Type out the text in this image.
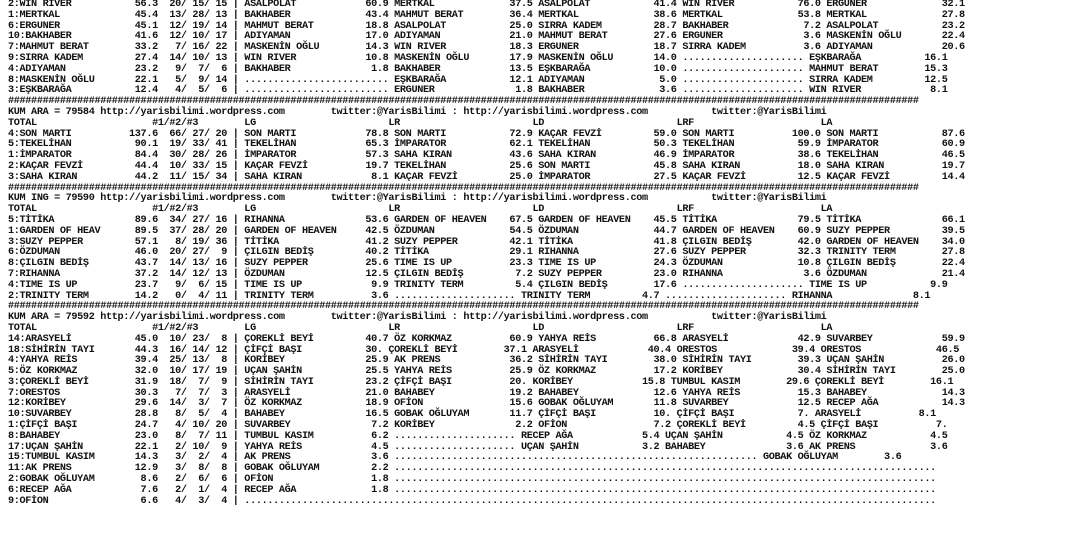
2:WIN RIVER           56.3  20/ 15/ 15 | ASALPOLAT            60.9 MERTKAL             37.5 ASALPOLAT           41.4 WIN RIVER           76.0 ERGUNER             32.1
1:MERTKAL             45.4  13/ 28/ 13 | BAKHABER             43.4 MAHMUT BERAT        36.4 MERTKAL             38.6 MERTKAL             53.8 MERTKAL             27.8
6:ERGUNER             45.1  12/ 19/ 14 | MAHMUT BERAT         18.8 ASALPOLAT           25.0 SIRRA KADEM         28.7 BAKHABER             7.2 ASALPOLAT           23.2
10:BAKHABER           41.6  12/ 10/ 17 | ADIYAMAN             17.0 ADIYAMAN            21.0 MAHMUT BERAT        27.6 ERGUNER              3.6 MASKENİN OĞLU       22.4
7:MAHMUT BERAT        33.2   7/ 16/ 22 | MASKENİN OĞLU        14.3 WIN RIVER           18.3 ERGUNER             18.7 SIRRA KADEM          3.6 ADIYAMAN            20.6
9:SIRRA KADEM         27.4  14/ 10/ 13 | WIN RIVER            10.8 MASKENİN OĞLU       17.9 MASKENİN OĞLU       14.0 ..................... EŞKBARAĞA           16.1
4:ADIYAMAN            23.2   9/  7/  6 | BAKHABER              1.8 BAKHABER            13.5 EŞKBARAĞA           10.0 ..................... MAHMUT BERAT        15.3
8:MASKENİN OĞLU       22.1   5/  9/ 14 | ......................... EŞKBARAĞA           12.1 ADIYAMAN             5.0 ..................... SIRRA KADEM         12.5
3:EŞKBARAĞA           12.4   4/  5/  6 | ......................... ERGUNER              1.8 BAKHABER             3.6 ..................... WIN RIVER            8.1
##############################################################################################################################################################
KUM ARA = 79584 http://yarisbilimi.wordpress.com        twitter:@YarisBilimi : http://yarisbilimi.wordpress.com           twitter:@YarisBilimi
TOTAL                    #1/#2/#3        LG                       LR                       LD                       LRF                      LA
4:SON MARTI          137.6  66/ 27/ 20 | SON MARTI            78.8 SON MARTI           72.9 KAÇAR FEVZİ         59.0 SON MARTI          100.0 SON MARTI           87.6
5:TEKELİHAN           90.1  19/ 33/ 41 | TEKELİHAN            65.3 İMPARATOR           62.1 TEKELİHAN           50.3 TEKELİHAN           59.9 İMPARATOR           60.9
1:İMPARATOR           84.4  30/ 28/ 26 | İMPARATOR            57.3 SAHA KIRAN          43.6 SAHA KIRAN          46.9 İMPARATOR           38.6 TEKELİHAN           46.5
2:KAÇAR FEVZİ         44.4  10/ 33/ 15 | KAÇAR FEVZİ          19.7 TEKELİHAN           25.6 SON MARTI           45.8 SAHA KIRAN          18.0 SAHA KIRAN          19.7
3:SAHA KIRAN          44.2  11/ 15/ 34 | SAHA KIRAN            8.1 KAÇAR FEVZİ         25.0 İMPARATOR           27.5 KAÇAR FEVZİ         12.5 KAÇAR FEVZİ         14.4
##############################################################################################################################################################
KUM ING = 79590 http://yarisbilimi.wordpress.com        twitter:@YarisBilimi : http://yarisbilimi.wordpress.com           twitter:@YarisBilimi
TOTAL                    #1/#2/#3        LG                       LR                       LD                       LRF                      LA
5:TİTİKA              89.6  34/ 27/ 16 | RIHANNA              53.6 GARDEN OF HEAVEN    67.5 GARDEN OF HEAVEN    45.5 TİTİKA              79.5 TİTİKA              66.1
1:GARDEN OF HEAV      89.5  37/ 28/ 20 | GARDEN OF HEAVEN     42.5 ÖZDUMAN             54.5 ÖZDUMAN             44.7 GARDEN OF HEAVEN    60.9 SUZY PEPPER         39.5
3:SUZY PEPPER         57.1   8/ 19/ 36 | TİTİKA               41.2 SUZY PEPPER         42.1 TİTİKA              41.8 ÇILGIN BEDİŞ        42.0 GARDEN OF HEAVEN    34.0
6:ÖZDUMAN             46.0  20/ 27/  9 | ÇILGIN BEDİŞ         40.2 TİTİKA              29.1 RIHANNA             27.6 SUZY PEPPER         32.3 TRINITY TERM        27.8
8:ÇILGIN BEDİŞ        43.7  14/ 13/ 16 | SUZY PEPPER          25.6 TIME IS UP          23.3 TIME IS UP          24.3 ÖZDUMAN             10.8 ÇILGIN BEDİŞ        22.4
7:RIHANNA             37.2  14/ 12/ 13 | ÖZDUMAN              12.5 ÇILGIN BEDİŞ         7.2 SUZY PEPPER         23.0 RIHANNA              3.6 ÖZDUMAN             21.4
4:TIME IS UP          23.7   9/  6/ 15 | TIME IS UP            9.9 TRINITY TERM         5.4 ÇILGIN BEDİŞ        17.6 ..................... TIME IS UP           9.9
2:TRINITY TERM        14.2   0/  4/ 11 | TRINITY TERM          3.6 ..................... TRINITY TERM         4.7 ..................... RIHANNA              8.1
##############################################################################################################################################################
KUM ARA = 79592 http://yarisbilimi.wordpress.com        twitter:@YarisBilimi : http://yarisbilimi.wordpress.com           twitter:@YarisBilimi
TOTAL                    #1/#2/#3        LG                       LR                       LD                       LRF                      LA
14:ARASYELİ           45.0  10/ 23/  8 | ÇOREKLİ BEYİ         40.7 ÖZ KORKMAZ          60.9 YAHYA REİS          66.8 ARASYELİ            42.9 SUVARBEY            59.9
18:SİHİRİN TAYI       44.3  16/ 14/ 12 | ÇİFÇİ BAŞI           30. ÇOREKLİ BEYİ        37.1 ARASYELİ            40.4 ORESTOS             39.4 ORESTOS             46.5
4:YAHYA REİS          39.4  25/ 13/  8 | KORİBEY              25.9 AK PRENS            36.2 SİHİRİN TAYI        38.0 SİHİRİN TAYI        39.3 UÇAN ŞAHİN          26.0
5:ÖZ KORKMAZ          32.0  10/ 17/ 19 | UÇAN ŞAHİN           25.5 YAHYA REİS          25.9 ÖZ KORKMAZ          17.2 KORİBEY             30.4 SİHİRİN TAYI        25.0
3:ÇOREKLİ BEYİ        31.9  18/  7/  9 | SİHİRİN TAYI         23.2 ÇİFÇİ BAŞI          20. KORİBEY            15.8 TUMBUL KASIM        29.6 ÇOREKLİ BEYİ        16.1
7:ORESTOS             30.3   7/  7/  3 | ARASYELİ             21.0 BAHABEY             19.2 BAHABEY             12.6 YAHYA REİS          15.3 BAHABEY             14.3
12:KORİBEY            29.6  14/  3/  7 | ÖZ KORKMAZ           18.9 OFİON               15.6 GOBAK OĞLUYAM       11.8 SUVARBEY            12.5 RECEP AĞA           14.3
10:SUVARBEY           28.8   8/  5/  4 | BAHABEY              16.5 GOBAK OĞLUYAM       11.7 ÇİFÇİ BAŞI          10. ÇİFÇİ BAŞI           7. ARASYELİ          8.1
1:ÇİFÇİ BAŞI          24.7   4/ 10/ 20 | SUVARBEY              7.2 KORİBEY              2.2 OFİON               7.2 ÇOREKLİ BEYİ         4.5 ÇİFÇİ BAŞI          7.
8:BAHABEY             23.0   8/  7/ 11 | TUMBUL KASIM          6.2 ..................... RECEP AĞA            5.4 UÇAN ŞAHİN           4.5 ÖZ KORKMAZ           4.5
17:UÇAN ŞAHİN         22.1   2/ 10/  9 | YAHYA REİS            4.5 ..................... UÇAN ŞAHİN           3.2 BAHABEY              3.6 AK PRENS             3.6
15:TUMBUL KASIM       14.3   3/  2/  4 | AK PRENS              3.6 ............................................................... GOBAK OĞLUYAM        3.6
11:AK PRENS           12.9   3/  8/  8 | GOBAK OĞLUYAM         2.2 ..............................................................................................
2:GOBAK OĞLUYAM        8.6   2/  6/  6 | OFİON                 1.8 ..............................................................................................
6:RECEP AĞA            7.6   2/  1/  4 | RECEP AĞA             1.8 ..............................................................................................
9:OFİON                6.6   4/  3/  4 | ........................................................................................................................
